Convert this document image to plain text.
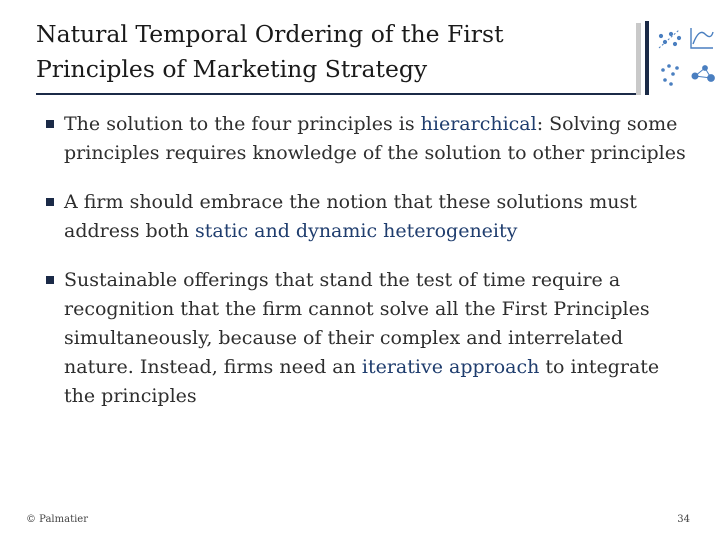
Natural Temporal Ordering of the First Principles of Marketing Strategy
The solution to the four principles is hierarchical: Solving some principles requires knowledge of the solution to other principles
A firm should embrace the notion that these solutions must address both static and dynamic heterogeneity
Sustainable offerings that stand the test of time require a recognition that the firm cannot solve all the First Principles simultaneously, because of their complex and interrelated nature. Instead, firms need an iterative approach to integrate the principles
© Palmatier	34
